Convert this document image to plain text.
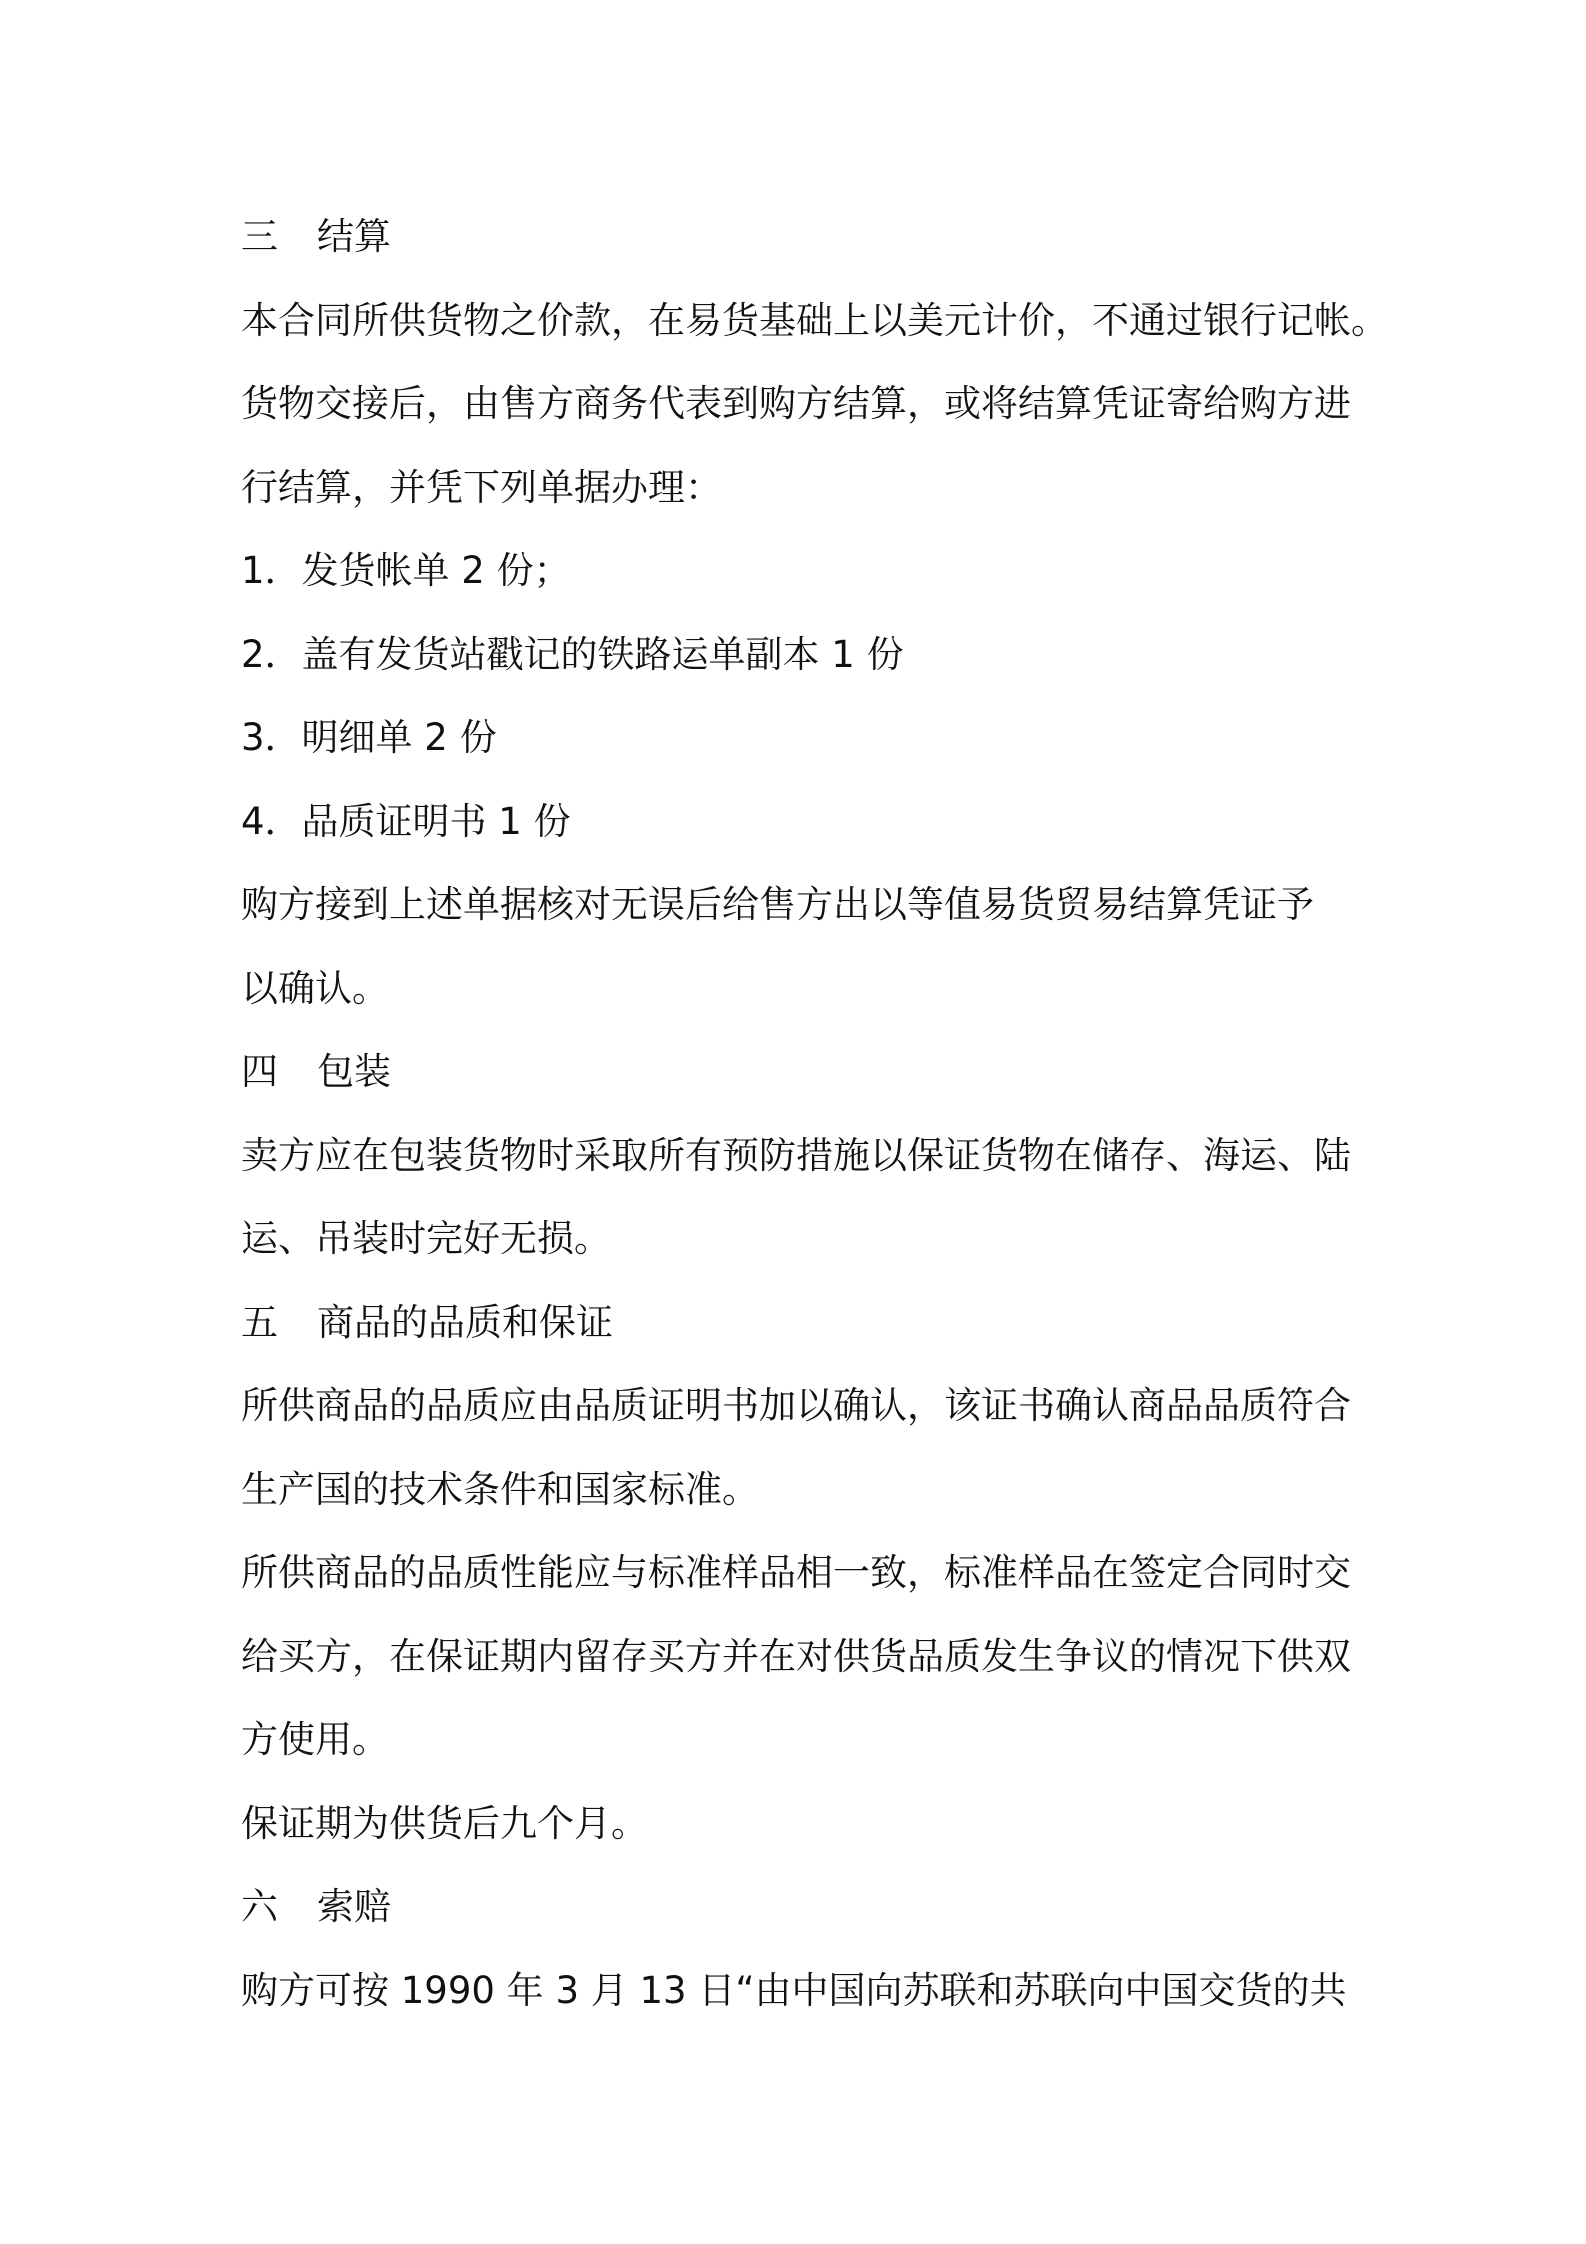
三 结算
本合同所供货物之价款，在易货基础上以美元计价，不通过银行记帐。
货物交接后，由售方商务代表到购方结算，或将结算凭证寄给购方进
行结算，并凭下列单据办理：
1．发货帐单 2 份；
2．盖有发货站戳记的铁路运单副本 1 份
3．明细单 2 份
4．品质证明书 1 份
购方接到上述单据核对无误后给售方出以等值易货贸易结算凭证予
以确认。
四 包装
卖方应在包装货物时采取所有预防措施以保证货物在储存、海运、陆
运、吊装时完好无损。
五 商品的品质和保证
所供商品的品质应由品质证明书加以确认，该证书确认商品品质符合
生产国的技术条件和国家标准。
所供商品的品质性能应与标准样品相一致，标准样品在签定合同时交
给买方，在保证期内留存买方并在对供货品质发生争议的情况下供双
方使用。
保证期为供货后九个月。
六 索赔
购方可按 1990 年 3 月 13 日“由中国向苏联和苏联向中国交货的共
